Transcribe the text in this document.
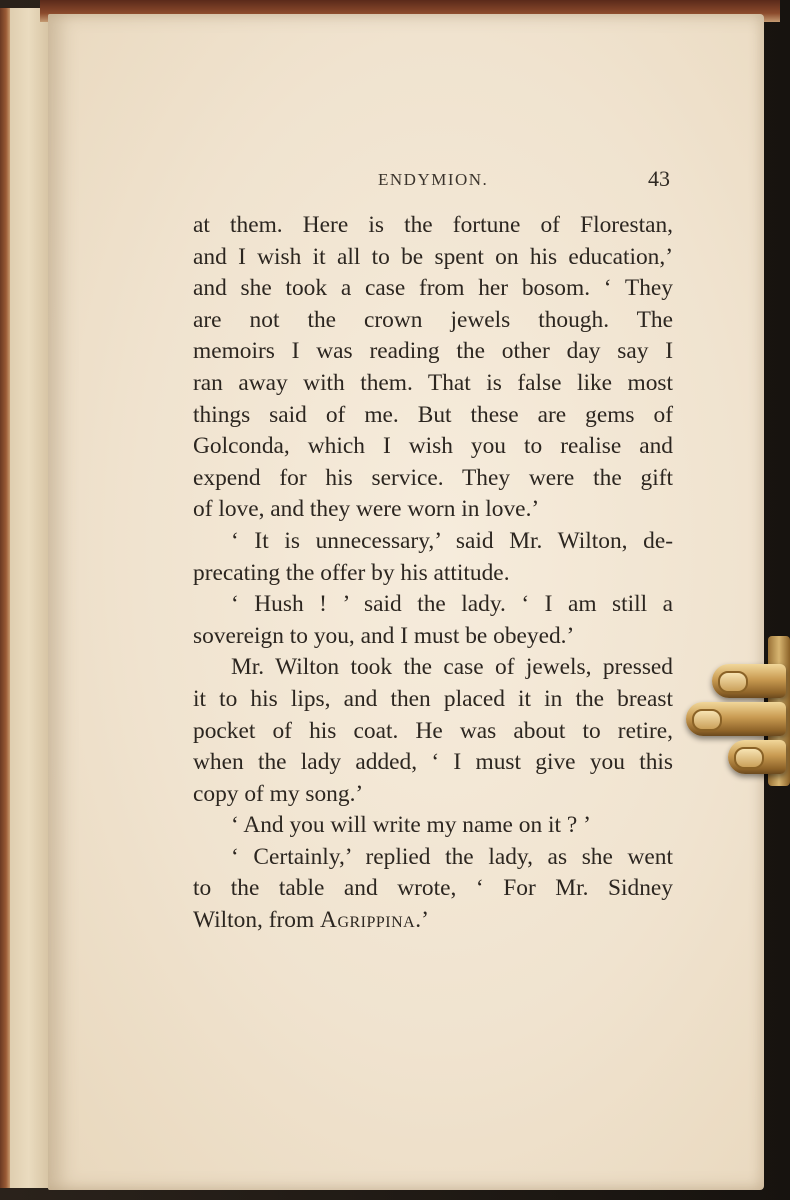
ENDYMION.	43
at them. Here is the fortune of Florestan,
and I wish it all to be spent on his education,’
and she took a case from her bosom. ‘ They
are not the crown jewels though. The
memoirs I was reading the other day say I
ran away with them. That is false like most
things said of me. But these are gems of
Golconda, which I wish you to realise and
expend for his service. They were the gift
of love, and they were worn in love.’
‘ It is unnecessary,’ said Mr. Wilton, de-
precating the offer by his attitude.
‘ Hush ! ’ said the lady. ‘ I am still a
sovereign to you, and I must be obeyed.’
Mr. Wilton took the case of jewels, pressed
it to his lips, and then placed it in the breast
pocket of his coat. He was about to retire,
when the lady added, ‘ I must give you this
copy of my song.’
‘ And you will write my name on it ? ’
‘ Certainly,’ replied the lady, as she went
to the table and wrote, ‘ For Mr. Sidney
Wilton, from Agrippina.’
